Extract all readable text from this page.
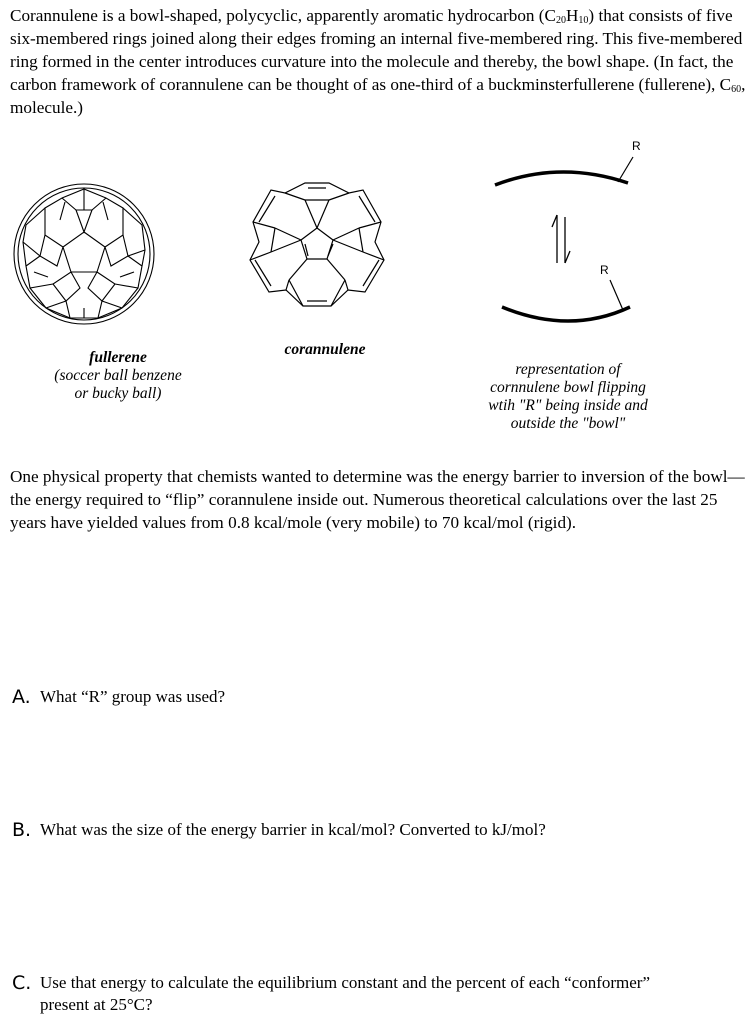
Corannulene is a bowl-shaped, polycyclic, apparently aromatic hydrocarbon $(C_{20}H_{10})$ that consists of five six-membered rings joined along their edges froming an internal five-membered ring. This five-membered ring formed in the center introduces curvature into the molecule and thereby, the bowl shape. (In fact, the carbon framework of corannulene can be thought of as one-third of a buckminsterfullerene (fullerene), $C_{60}$, molecule.)

fullerene
(soccer ball benzene
or bucky ball)
corannulene
R
R
representation of
cornnulene bowl flipping
wtih "R" being inside and
outside the "bowl"

One physical property that chemists wanted to determine was the energy barrier to inversion of the bowl—the energy required to “flip” corannulene inside out. Numerous theoretical calculations over the last 25 years have yielded values from 0.8 kcal/mole (very mobile) to 70 kcal/mol (rigid).

A. What “R” group was used?
B. What was the size of the energy barrier in kcal/mol? Converted to kJ/mol?
C. Use that energy to calculate the equilibrium constant and the percent of each “conformer”
present at 25°C?
